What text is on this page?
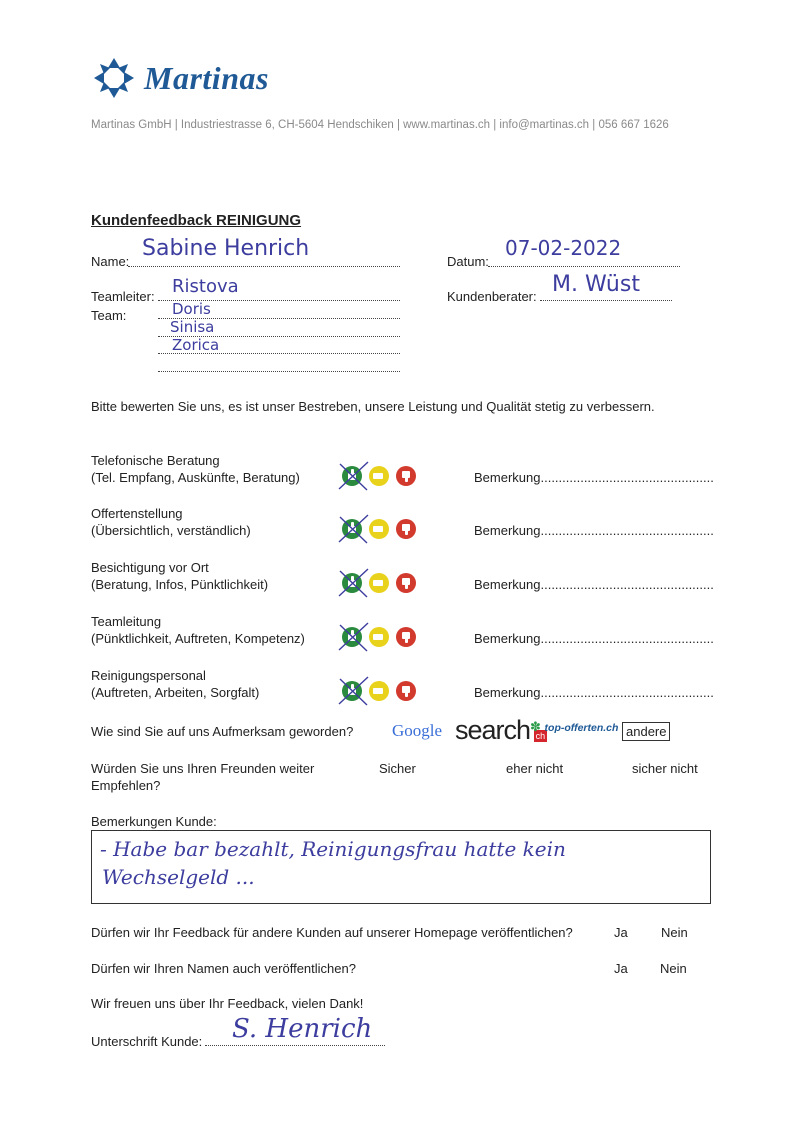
Martinas
Martinas GmbH | Industriestrasse 6, CH-5604 Hendschiken | www.martinas.ch | info@martinas.ch | 056 667 1626
Kundenfeedback REINIGUNG
Name:
Sabine Henrich
Datum:
07-02-2022
Teamleiter: Ristova	Kundenberater: M. Wüst
Team:	Doris
Sinisa
Zorica
Bitte bewerten Sie uns, es ist unser Bestreben, unsere Leistung und Qualität stetig zu verbessern.
Telefonische Beratung
(Tel. Empfang, Auskünfte, Beratung)	Bemerkung................................................
Offertenstellung
(Übersichtlich, verständlich)	Bemerkung................................................
Besichtigung vor Ort
(Beratung, Infos, Pünktlichkeit)	Bemerkung................................................
Teamleitung
(Pünktlichkeit, Auftreten, Kompetenz)	Bemerkung................................................
Reinigungspersonal
(Auftreten, Arbeiten, Sorgfalt)	Bemerkung................................................
Wie sind Sie auf uns Aufmerksam geworden? Google search ch
✽ top-offerten.ch andere
Würden Sie uns Ihren Freunden weiter
Empfehlen?
Sicher	eher nicht	sicher nicht
Bemerkungen Kunde:
- Habe bar bezahlt, Reinigungsfrau hatte kein
Wechselgeld ...
Dürfen wir Ihr Feedback für andere Kunden auf unserer Homepage veröffentlichen?	Ja	Nein
Dürfen wir Ihren Namen auch veröffentlichen?	Ja Nein
Wir freuen uns über Ihr Feedback, vielen Dank!
Unterschrift Kunde: S. Henrich
